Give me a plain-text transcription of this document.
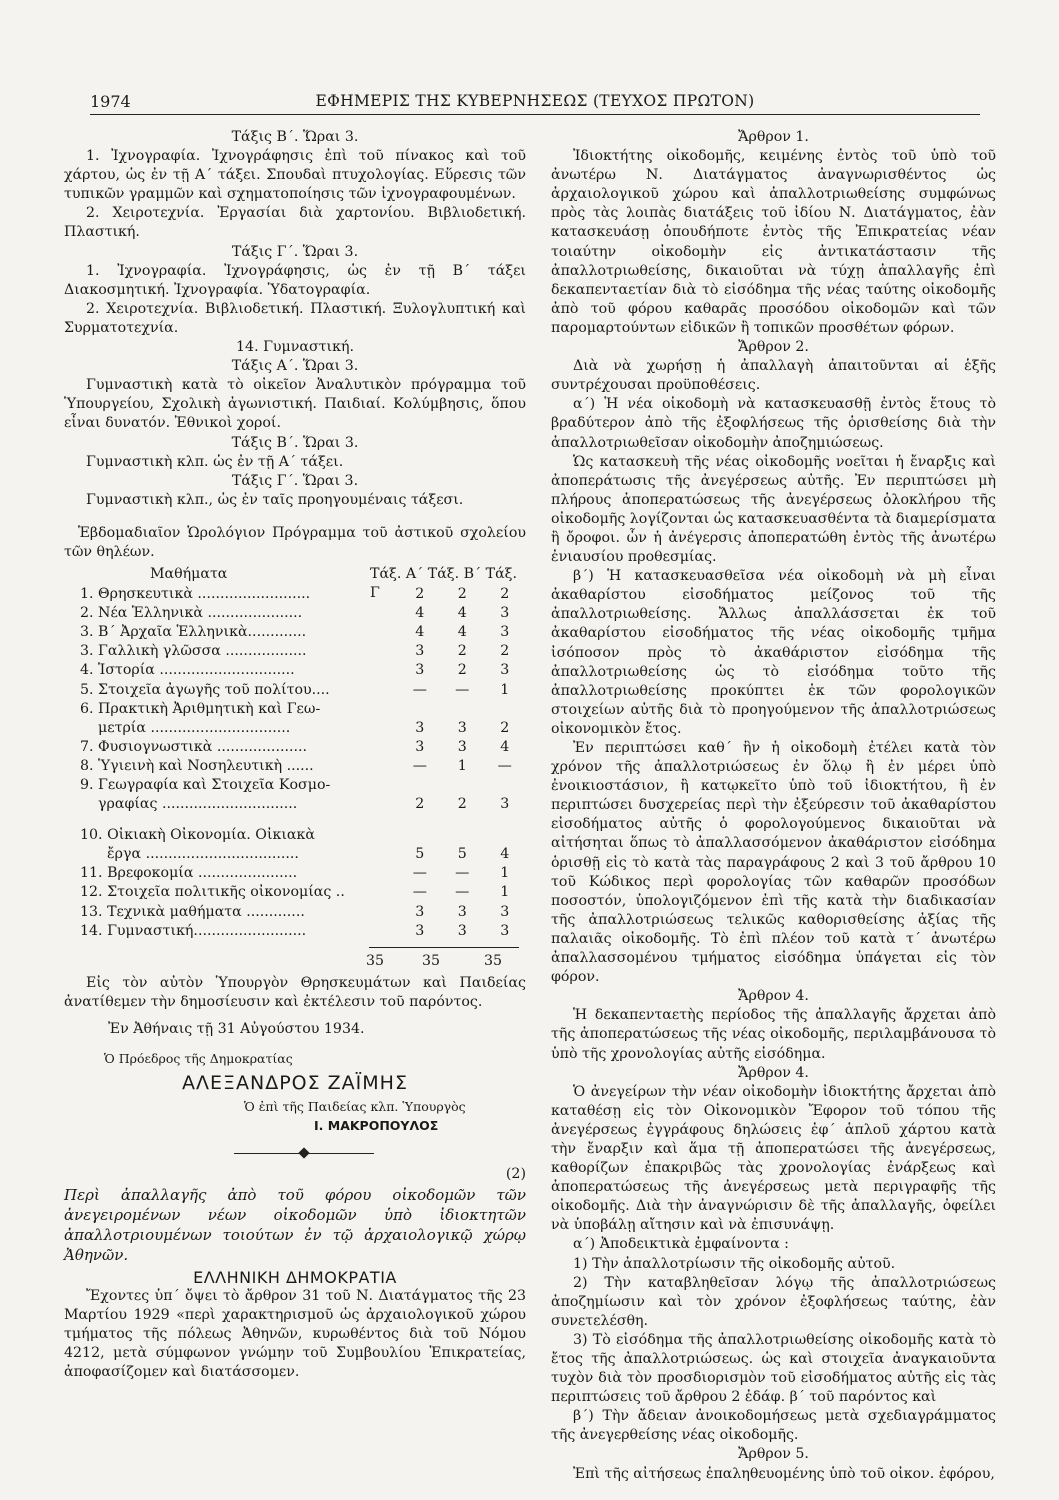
1974	ΕΦΗΜΕΡΙΣ ΤΗΣ ΚΥΒΕΡΝΗΣΕΩΣ (ΤΕΥΧΟΣ ΠΡΩΤΟΝ)

Τάξις Β΄. Ὥραι 3.

1. Ἰχνογραφία. Ἰχνογράφησις ἐπὶ τοῦ πίνακος καὶ τοῦ χάρτου, ὡς ἐν τῇ Α΄ τάξει. Σπουδαὶ πτυχολογίας. Εὕρεσις τῶν τυπικῶν γραμμῶν καὶ σχηματοποίησις τῶν ἰχνογραφουμένων.

2. Χειροτεχνία. Ἐργασίαι διὰ χαρτονίου. Βιβλιοδετική. Πλαστική.

Τάξις Γ΄. Ὥραι 3.

1. Ἰχνογραφία. Ἰχνογράφησις, ὡς ἐν τῇ Β΄ τάξει Διακοσμητική. Ἰχνογραφία. Ὑδατογραφία.

2. Χειροτεχνία. Βιβλιοδετική. Πλαστική. Ξυλογλυπτική καὶ Συρματοτεχνία.

14. Γυμναστική.

Τάξις Α΄. Ὥραι 3.

Γυμναστικὴ κατὰ τὸ οἰκεῖον Ἀναλυτικὸν πρόγραμμα τοῦ Ὑπουργείου, Σχολικὴ ἀγωνιστική. Παιδιαί. Κολύμβησις, ὅπου εἶναι δυνατόν. Ἐθνικοὶ χοροί.

Τάξις Β΄. Ὥραι 3.

Γυμναστικὴ κλπ. ὡς ἐν τῇ Α΄ τάξει.

Τάξις Γ΄. Ὥραι 3.

Γυμναστικὴ κλπ., ὡς ἐν ταῖς προηγουμέναις τάξεσι.

Ἑβδομαδιαῖον Ὡρολόγιον Πρόγραμμα τοῦ ἀστικοῦ σχολείου τῶν θηλέων.

Μαθήματα	Τάξ. Α΄ Τάξ. Β΄ Τάξ. Γ
1. Θρησκευτικὰ .........................	2	2	2
2. Νέα Ἑλληνικὰ .....................	4	4	3
3. Β΄ Ἀρχαῖα Ἑλληνικὰ.............	4	4	3
3. Γαλλικὴ γλῶσσα ..................	3	2	2
4. Ἱστορία ..............................	3	2	3
5. Στοιχεῖα ἀγωγῆς τοῦ πολίτου....	—	—	1
6. Πρακτικὴ Ἀριθμητικὴ καὶ Γεω-			
μετρία ...............................	3	3	2
7. Φυσιογνωστικὰ ....................	3	3	4
8. Ὑγιεινὴ καὶ Νοσηλευτικὴ ......	—	1	—
9. Γεωγραφία καὶ Στοιχεῖα Κοσμο-			
γραφίας ..............................	2	2	3

10. Οἰκιακὴ Οἰκονομία. Οἰκιακὰ			
ἔργα ..................................	5	5	4
11. Βρεφοκομία ......................	—	—	1
12. Στοιχεῖα πολιτικῆς οἰκονομίας ..	—	—	1
13. Τεχνικὰ μαθήματα .............	3	3	3
14. Γυμναστική.........................	3	3	3
35	35	35

Εἰς τὸν αὐτὸν Ὑπουργὸν Θρησκευμάτων καὶ Παιδείας ἀνατίθεμεν τὴν δημοσίευσιν καὶ ἐκτέλεσιν τοῦ παρόντος.

Ἐν Ἀθήναις τῇ 31 Αὐγούστου 1934.

Ὁ Πρόεδρος τῆς Δημοκρατίας

ΑΛΕΞΑΝΔΡΟΣ ΖΑΪΜΗΣ

Ὁ ἐπὶ τῆς Παιδείας κλπ. Ὑπουργὸς

Ι. ΜΑΚΡΟΠΟΥΛΟΣ

(2)

Περὶ ἀπαλλαγῆς ἀπὸ τοῦ φόρου οἰκοδομῶν τῶν ἀνεγειρομένων νέων οἰκοδομῶν ὑπὸ ἰδιοκτητῶν ἀπαλλοτριουμένων τοιούτων ἐν τῷ ἀρχαιολογικῷ χώρῳ Ἀθηνῶν.

ΕΛΛΗΝΙΚΗ ΔΗΜΟΚΡΑΤΙΑ

Ἔχοντες ὑπ΄ ὄψει τὸ ἄρθρον 31 τοῦ Ν. Διατάγματος τῆς 23 Μαρτίου 1929 «περὶ χαρακτηρισμοῦ ὡς ἀρχαιολογικοῦ χώρου τμήματος τῆς πόλεως Ἀθηνῶν, κυρωθέντος διὰ τοῦ Νόμου 4212, μετὰ σύμφωνον γνώμην τοῦ Συμβουλίου Ἐπικρατείας, ἀποφασίζομεν καὶ διατάσσομεν.

Ἄρθρον 1.

Ἰδιοκτήτης οἰκοδομῆς, κειμένης ἐντὸς τοῦ ὑπὸ τοῦ ἀνωτέρω Ν. Διατάγματος ἀναγνωρισθέντος ὡς ἀρχαιολογικοῦ χώρου καὶ ἀπαλλοτριωθείσης συμφώνως πρὸς τὰς λοιπὰς διατάξεις τοῦ ἰδίου Ν. Διατάγματος, ἐὰν κατασκευάσῃ ὁπουδήποτε ἐντὸς τῆς Ἐπικρατείας νέαν τοιαύτην οἰκοδομὴν εἰς ἀντικατάστασιν τῆς ἀπαλλοτριωθείσης, δικαιοῦται νὰ τύχῃ ἀπαλλαγῆς ἐπὶ δεκαπενταετίαν διὰ τὸ εἰσόδημα τῆς νέας ταύτης οἰκοδομῆς ἀπὸ τοῦ φόρου καθαρᾶς προσόδου οἰκοδομῶν καὶ τῶν παρομαρτούντων εἰδικῶν ἢ τοπικῶν προσθέτων φόρων.

Ἄρθρον 2.

Διὰ νὰ χωρήσῃ ἡ ἀπαλλαγὴ ἀπαιτοῦνται αἱ ἑξῆς συντρέχουσαι προϋποθέσεις.

α΄) Ἡ νέα οἰκοδομὴ νὰ κατασκευασθῇ ἐντὸς ἔτους τὸ βραδύτερον ἀπὸ τῆς ἐξοφλήσεως τῆς ὁρισθείσης διὰ τὴν ἀπαλλοτριωθεῖσαν οἰκοδομὴν ἀποζημιώσεως.

Ὡς κατασκευὴ τῆς νέας οἰκοδομῆς νοεῖται ἡ ἔναρξις καὶ ἀποπεράτωσις τῆς ἀνεγέρσεως αὐτῆς. Ἐν περιπτώσει μὴ πλήρους ἀποπερατώσεως τῆς ἀνεγέρσεως ὁλοκλήρου τῆς οἰκοδομῆς λογίζονται ὡς κατασκευασθέντα τὰ διαμερίσματα ἢ ὄροφοι. ὧν ἡ ἀνέγερσις ἀποπερατώθη ἐντὸς τῆς ἀνωτέρω ἐνιαυσίου προθεσμίας.

β΄) Ἡ κατασκευασθεῖσα νέα οἰκοδομὴ νὰ μὴ εἶναι ἀκαθαρίστου εἰσοδήματος μείζονος τοῦ τῆς ἀπαλλοτριωθείσης. Ἄλλως ἀπαλλάσσεται ἐκ τοῦ ἀκαθαρίστου εἰσοδήματος τῆς νέας οἰκοδομῆς τμῆμα ἰσόποσον πρὸς τὸ ἀκαθάριστον εἰσόδημα τῆς ἀπαλλοτριωθείσης ὡς τὸ εἰσόδημα τοῦτο τῆς ἀπαλλοτριωθείσης προκύπτει ἐκ τῶν φορολογικῶν στοιχείων αὐτῆς διὰ τὸ προηγούμενον τῆς ἀπαλλοτριώσεως οἰκονομικὸν ἔτος.

Ἐν περιπτώσει καθ΄ ἣν ἡ οἰκοδομὴ ἐτέλει κατὰ τὸν χρόνον τῆς ἀπαλλοτριώσεως ἐν ὅλῳ ἢ ἐν μέρει ὑπὸ ἐνοικιοστάσιον, ἢ κατῳκεῖτο ὑπὸ τοῦ ἰδιοκτήτου, ἢ ἐν περιπτώσει δυσχερείας περὶ τὴν ἐξεύρεσιν τοῦ ἀκαθαρίστου εἰσοδήματος αὐτῆς ὁ φορολογούμενος δικαιοῦται νὰ αἰτήσηται ὅπως τὸ ἀπαλλασσόμενον ἀκαθάριστον εἰσόδημα ὁρισθῇ εἰς τὸ κατὰ τὰς παραγράφους 2 καὶ 3 τοῦ ἄρθρου 10 τοῦ Κώδικος περὶ φορολογίας τῶν καθαρῶν προσόδων ποσοστόν, ὑπολογιζόμενον ἐπὶ τῆς κατὰ τὴν διαδικασίαν τῆς ἀπαλλοτριώσεως τελικῶς καθορισθείσης ἀξίας τῆς παλαιᾶς οἰκοδομῆς. Τὸ ἐπὶ πλέον τοῦ κατὰ τ΄ ἀνωτέρω ἀπαλλασσομένου τμήματος εἰσόδημα ὑπάγεται εἰς τὸν φόρον.

Ἄρθρον 4.

Ἡ δεκαπενταετὴς περίοδος τῆς ἀπαλλαγῆς ἄρχεται ἀπὸ τῆς ἀποπερατώσεως τῆς νέας οἰκοδομῆς, περιλαμβάνουσα τὸ ὑπὸ τῆς χρονολογίας αὐτῆς εἰσόδημα.

Ἄρθρον 4.

Ὁ ἀνεγείρων τὴν νέαν οἰκοδομὴν ἰδιοκτήτης ἄρχεται ἀπὸ καταθέσῃ εἰς τὸν Οἰκονομικὸν Ἔφορον τοῦ τόπου τῆς ἀνεγέρσεως ἐγγράφους δηλώσεις ἐφ΄ ἁπλοῦ χάρτου κατὰ τὴν ἔναρξιν καὶ ἅμα τῇ ἀποπερατώσει τῆς ἀνεγέρσεως, καθορίζων ἐπακριβῶς τὰς χρονολογίας ἐνάρξεως καὶ ἀποπερατώσεως τῆς ἀνεγέρσεως μετὰ περιγραφῆς τῆς οἰκοδομῆς. Διὰ τὴν ἀναγνώρισιν δὲ τῆς ἀπαλλαγῆς, ὀφείλει νὰ ὑποβάλῃ αἴτησιν καὶ νὰ ἐπισυνάψῃ.

α΄) Ἀποδεικτικὰ ἐμφαίνοντα :

1) Τὴν ἀπαλλοτρίωσιν τῆς οἰκοδομῆς αὐτοῦ.

2) Τὴν καταβληθεῖσαν λόγῳ τῆς ἀπαλλοτριώσεως ἀποζημίωσιν καὶ τὸν χρόνον ἐξοφλήσεως ταύτης, ἐὰν συνετελέσθη.

3) Τὸ εἰσόδημα τῆς ἀπαλλοτριωθείσης οἰκοδομῆς κατὰ τὸ ἔτος τῆς ἀπαλλοτριώσεως. ὡς καὶ στοιχεῖα ἀναγκαιοῦντα τυχὸν διὰ τὸν προσδιορισμὸν τοῦ εἰσοδήματος αὐτῆς εἰς τὰς περιπτώσεις τοῦ ἄρθρου 2 ἐδάφ. β΄ τοῦ παρόντος καὶ

β΄) Τὴν ἄδειαν ἀνοικοδομήσεως μετὰ σχεδιαγράμματος τῆς ἀνεγερθείσης νέας οἰκοδομῆς.

Ἄρθρον 5.

Ἐπὶ τῆς αἰτήσεως ἐπαληθευομένης ὑπὸ τοῦ οἰκον. ἐφόρου,
